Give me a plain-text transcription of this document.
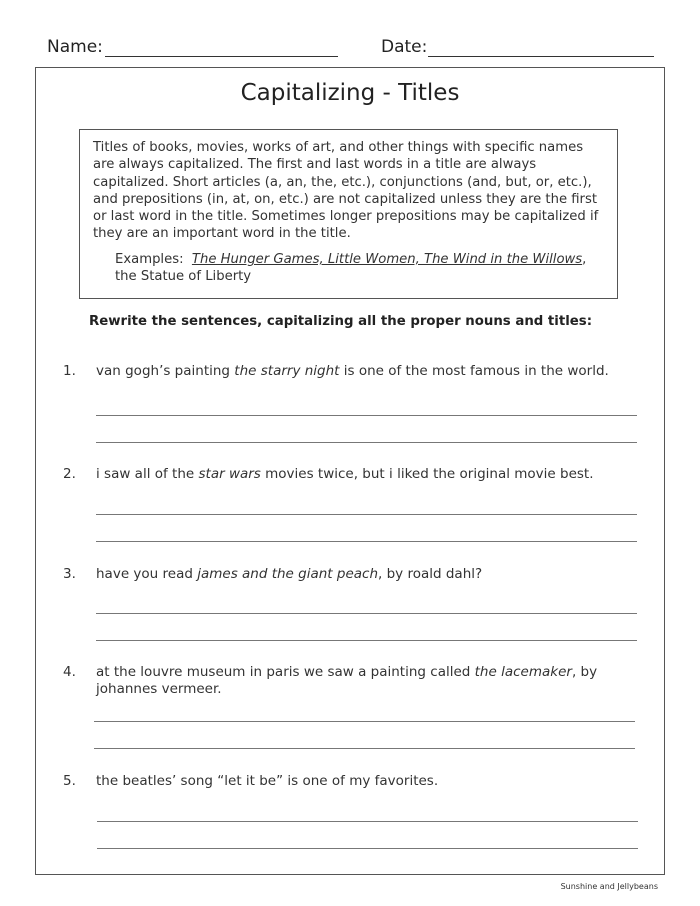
Name:	Date:
Capitalizing - Titles
Titles of books, movies, works of art, and other things with specific names are always capitalized. The first and last words in a title are always capitalized. Short articles (a, an, the, etc.), conjunctions (and, but, or, etc.), and prepositions (in, at, on, etc.) are not capitalized unless they are the first or last word in the title. Sometimes longer prepositions may be capitalized if they are an important word in the title.
Examples: The Hunger Games, Little Women, The Wind in the Willows, the Statue of Liberty
Rewrite the sentences, capitalizing all the proper nouns and titles:
1. van gogh’s painting the starry night is one of the most famous in the world.
2. i saw all of the star wars movies twice, but i liked the original movie best.
3. have you read james and the giant peach, by roald dahl?
4. at the louvre museum in paris we saw a painting called the lacemaker, by johannes vermeer.
5. the beatles’ song “let it be” is one of my favorites.
Sunshine and Jellybeans
